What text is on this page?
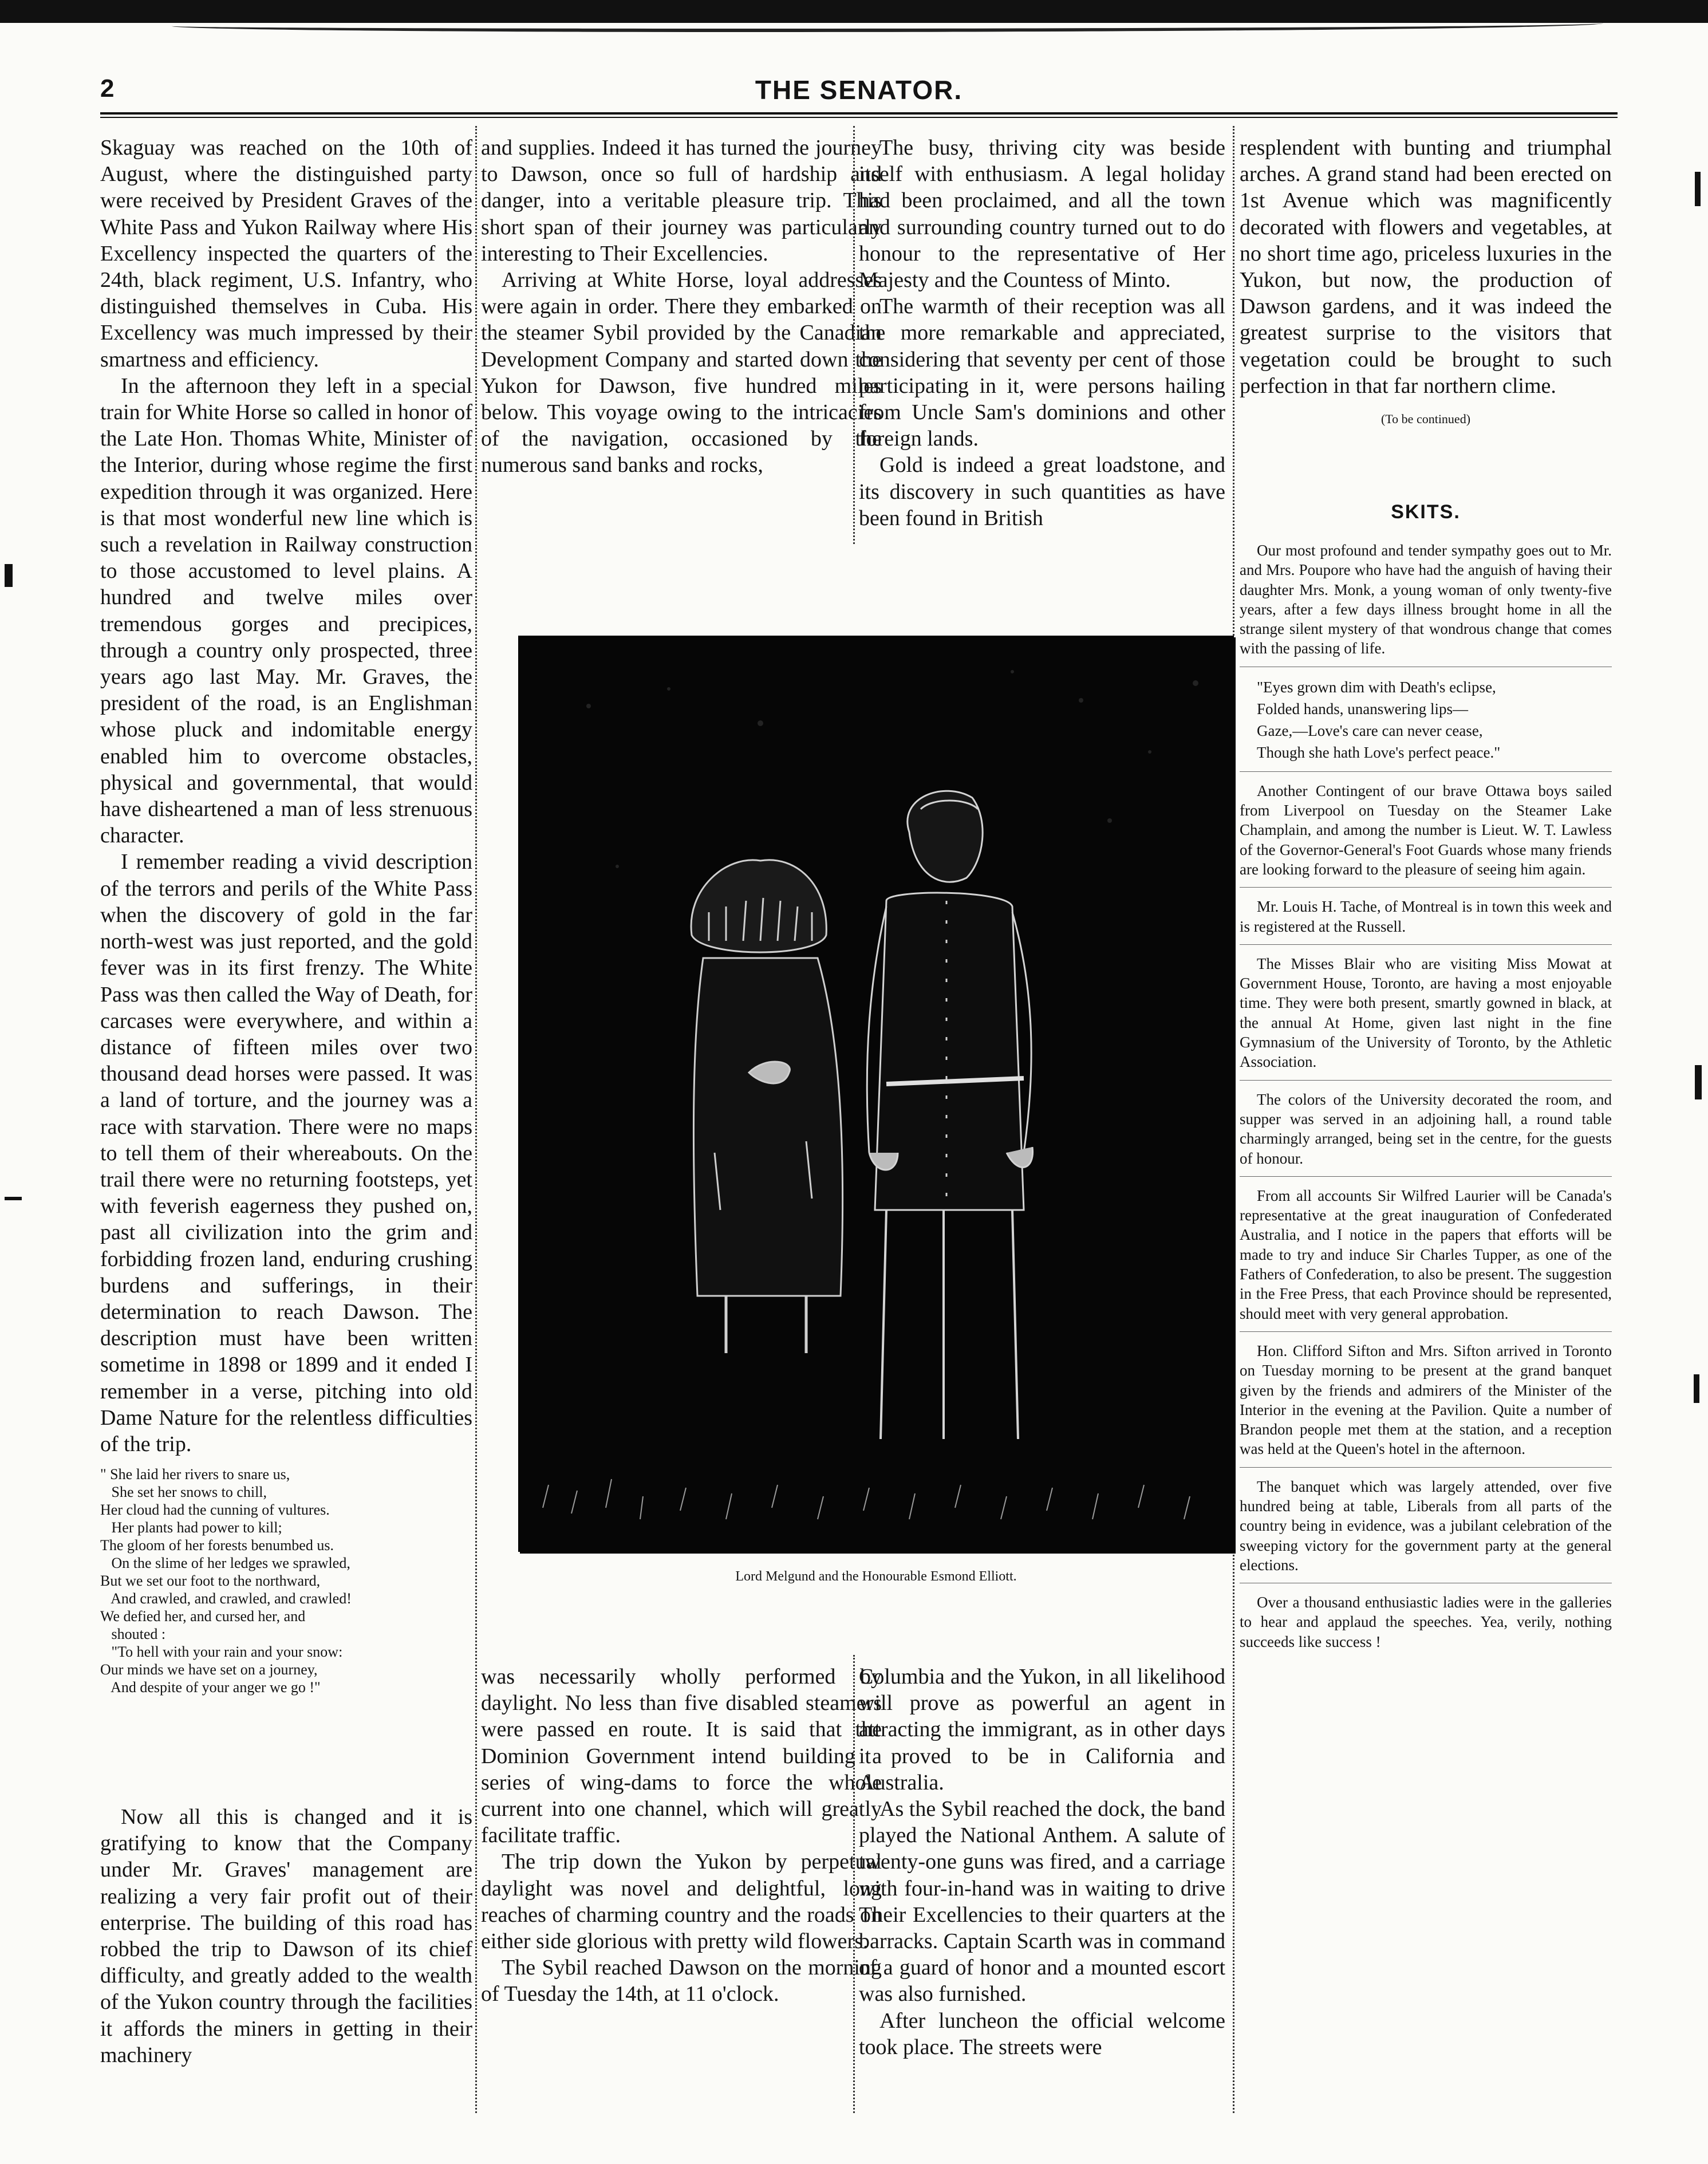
2	THE SENATOR.

Skaguay was reached on the 10th of August, where the distinguished party were received by President Graves of the White Pass and Yukon Railway where His Excellency inspected the quarters of the 24th, black regiment, U.S. Infantry, who distinguished themselves in Cuba. His Excellency was much impressed by their smartness and efficiency.

In the afternoon they left in a special train for White Horse so called in honor of the Late Hon. Thomas White, Minister of the Interior, during whose regime the first expedition through it was organized. Here is that most wonderful new line which is such a revelation in Railway construction to those accustomed to level plains. A hundred and twelve miles over tremendous gorges and precipices, through a country only prospected, three years ago last May. Mr. Graves, the president of the road, is an Englishman whose pluck and indomitable energy enabled him to overcome obstacles, physical and governmental, that would have disheartened a man of less strenuous character.

I remember reading a vivid description of the terrors and perils of the White Pass when the discovery of gold in the far north-west was just reported, and the gold fever was in its first frenzy. The White Pass was then called the Way of Death, for carcases were everywhere, and within a distance of fifteen miles over two thousand dead horses were passed. It was a land of torture, and the journey was a race with starvation. There were no maps to tell them of their whereabouts. On the trail there were no returning footsteps, yet with feverish eagerness they pushed on, past all civilization into the grim and forbidding frozen land, enduring crushing burdens and sufferings, in their determination to reach Dawson. The description must have been written sometime in 1898 or 1899 and it ended I remember in a verse, pitching into old Dame Nature for the relentless difficulties of the trip.

" She laid her rivers to snare us,
She set her snows to chill,
Her cloud had the cunning of vultures.
Her plants had power to kill;
The gloom of her forests benumbed us.
On the slime of her ledges we sprawled,
But we set our foot to the northward,
And crawled, and crawled, and crawled!
We defied her, and cursed her, and
shouted :
"To hell with your rain and your snow:
Our minds we have set on a journey,
And despite of your anger we go !"

Now all this is changed and it is gratifying to know that the Company under Mr. Graves' management are realizing a very fair profit out of their enterprise. The building of this road has robbed the trip to Dawson of its chief difficulty, and greatly added to the wealth of the Yukon country through the facilities it affords the miners in getting in their machinery

and supplies. Indeed it has turned the journey to Dawson, once so full of hardship and danger, into a veritable pleasure trip. This short span of their journey was particularly interesting to Their Excellencies.

Arriving at White Horse, loyal addresses were again in order. There they embarked on the steamer Sybil provided by the Canadian Development Company and started down the Yukon for Dawson, five hundred miles below. This voyage owing to the intricacies of the navigation, occasioned by the numerous sand banks and rocks,

was necessarily wholly performed by daylight. No less than five disabled steamers were passed en route. It is said that the Dominion Government intend building a series of wing-dams to force the whole current into one channel, which will greatly facilitate traffic.

The trip down the Yukon by perpetual daylight was novel and delightful, long reaches of charming country and the roads on either side glorious with pretty wild flowers.

The Sybil reached Dawson on the morning of Tuesday the 14th, at 11 o'clock.

The busy, thriving city was beside itself with enthusiasm. A legal holiday had been proclaimed, and all the town and surrounding country turned out to do honour to the representative of Her Majesty and the Countess of Minto.

The warmth of their reception was all the more remarkable and appreciated, considering that seventy per cent of those participating in it, were persons hailing from Uncle Sam's dominions and other foreign lands.

Gold is indeed a great loadstone, and its discovery in such quantities as have been found in British

Columbia and the Yukon, in all likelihood will prove as powerful an agent in attracting the immigrant, as in other days it proved to be in California and Australia.

As the Sybil reached the dock, the band played the National Anthem. A salute of twenty-one guns was fired, and a carriage with four-in-hand was in waiting to drive Their Excellencies to their quarters at the barracks. Captain Scarth was in command of a guard of honor and a mounted escort was also furnished.

After luncheon the official welcome took place. The streets were

resplendent with bunting and triumphal arches. A grand stand had been erected on 1st Avenue which was magnificently decorated with flowers and vegetables, at no short time ago, priceless luxuries in the Yukon, but now, the production of Dawson gardens, and it was indeed the greatest surprise to the visitors that vegetation could be brought to such perfection in that far northern clime.

(To be continued)

SKITS.
Our most profound and tender sympathy goes out to Mr. and Mrs. Poupore who have had the anguish of having their daughter Mrs. Monk, a young woman of only twenty-five years, after a few days illness brought home in all the strange silent mystery of that wondrous change that comes with the passing of life.
"Eyes grown dim with Death's eclipse,
Folded hands, unanswering lips—
Gaze,—Love's care can never cease,
Though she hath Love's perfect peace."
Another Contingent of our brave Ottawa boys sailed from Liverpool on Tuesday on the Steamer Lake Champlain, and among the number is Lieut. W. T. Lawless of the Governor-General's Foot Guards whose many friends are looking forward to the pleasure of seeing him again.
Mr. Louis H. Tache, of Montreal is in town this week and is registered at the Russell.
The Misses Blair who are visiting Miss Mowat at Government House, Toronto, are having a most enjoyable time. They were both present, smartly gowned in black, at the annual At Home, given last night in the fine Gymnasium of the University of Toronto, by the Athletic Association.
The colors of the University decorated the room, and supper was served in an adjoining hall, a round table charmingly arranged, being set in the centre, for the guests of honour.
From all accounts Sir Wilfred Laurier will be Canada's representative at the great inauguration of Confederated Australia, and I notice in the papers that efforts will be made to try and induce Sir Charles Tupper, as one of the Fathers of Confederation, to also be present. The suggestion in the Free Press, that each Province should be represented, should meet with very general approbation.
Hon. Clifford Sifton and Mrs. Sifton arrived in Toronto on Tuesday morning to be present at the grand banquet given by the friends and admirers of the Minister of the Interior in the evening at the Pavilion. Quite a number of Brandon people met them at the station, and a reception was held at the Queen's hotel in the afternoon.
The banquet which was largely attended, over five hundred being at table, Liberals from all parts of the country being in evidence, was a jubilant celebration of the sweeping victory for the government party at the general elections.
Over a thousand enthusiastic ladies were in the galleries to hear and applaud the speeches. Yea, verily, nothing succeeds like success !
Lord Melgund and the Honourable Esmond Elliott.
